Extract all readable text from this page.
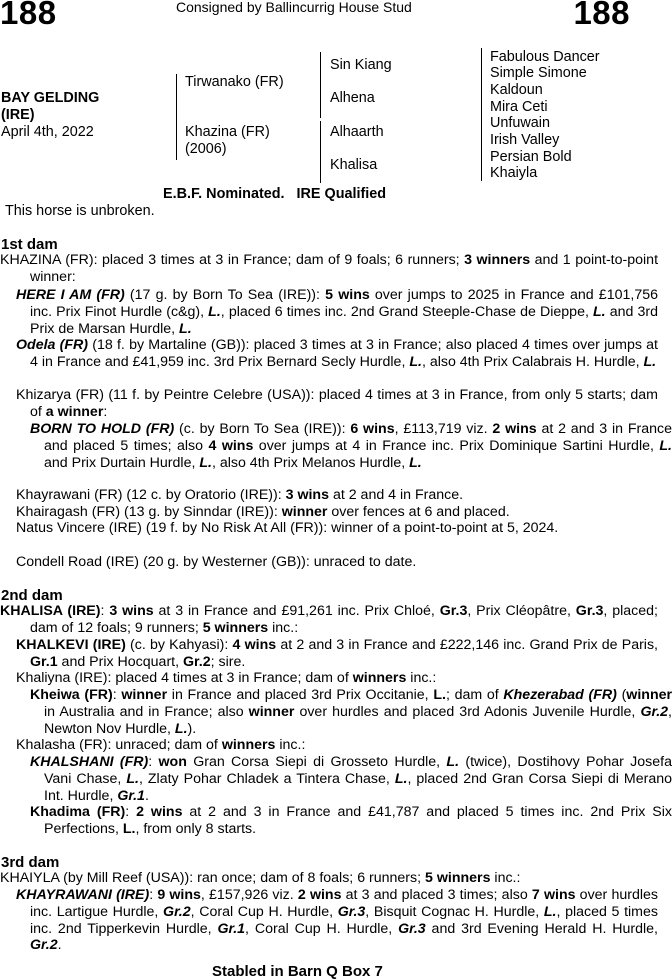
188	188
Consigned by Ballincurrig House Stud
BAY GELDING
(IRE)
April 4th, 2022
Tirwanako (FR)
Khazina (FR)
(2006)
Sin Kiang
Alhena
Alhaarth
Khalisa
Fabulous Dancer
Simple Simone
Kaldoun
Mira Ceti
Unfuwain
Irish Valley
Persian Bold
Khaiyla
E.B.F. Nominated.   IRE Qualified
This horse is unbroken.
1st dam
KHAZINA (FR): placed 3 times at 3 in France; dam of 9 foals; 6 runners; 3 winners and 1 point-to-point winner:
HERE I AM (FR) (17 g. by Born To Sea (IRE)): 5 wins over jumps to 2025 in France and £101,756 inc. Prix Finot Hurdle (c&g), L., placed 6 times inc. 2nd Grand Steeple-Chase de Dieppe, L. and 3rd Prix de Marsan Hurdle, L.
Odela (FR) (18 f. by Martaline (GB)): placed 3 times at 3 in France; also placed 4 times over jumps at 4 in France and £41,959 inc. 3rd Prix Bernard Secly Hurdle, L., also 4th Prix Calabrais H. Hurdle, L.
Khizarya (FR) (11 f. by Peintre Celebre (USA)): placed 4 times at 3 in France, from only 5 starts; dam of a winner:
BORN TO HOLD (FR) (c. by Born To Sea (IRE)): 6 wins, £113,719 viz. 2 wins at 2 and 3 in France and placed 5 times; also 4 wins over jumps at 4 in France inc. Prix Dominique Sartini Hurdle, L. and Prix Durtain Hurdle, L., also 4th Prix Melanos Hurdle, L.
Khayrawani (FR) (12 c. by Oratorio (IRE)): 3 wins at 2 and 4 in France.
Khairagash (FR) (13 g. by Sinndar (IRE)): winner over fences at 6 and placed.
Natus Vincere (IRE) (19 f. by No Risk At All (FR)): winner of a point-to-point at 5, 2024.
Condell Road (IRE) (20 g. by Westerner (GB)): unraced to date.
2nd dam
KHALISA (IRE): 3 wins at 3 in France and £91,261 inc. Prix Chloé, Gr.3, Prix Cléopâtre, Gr.3, placed; dam of 12 foals; 9 runners; 5 winners inc.:
KHALKEVI (IRE) (c. by Kahyasi): 4 wins at 2 and 3 in France and £222,146 inc. Grand Prix de Paris, Gr.1 and Prix Hocquart, Gr.2; sire.
Khaliyna (IRE): placed 4 times at 3 in France; dam of winners inc.:
Kheiwa (FR): winner in France and placed 3rd Prix Occitanie, L.; dam of Khezerabad (FR) (winner in Australia and in France; also winner over hurdles and placed 3rd Adonis Juvenile Hurdle, Gr.2, Newton Nov Hurdle, L.).
Khalasha (FR): unraced; dam of winners inc.:
KHALSHANI (FR): won Gran Corsa Siepi di Grosseto Hurdle, L. (twice), Dostihovy Pohar Josefa Vani Chase, L., Zlaty Pohar Chladek a Tintera Chase, L., placed 2nd Gran Corsa Siepi di Merano Int. Hurdle, Gr.1.
Khadima (FR): 2 wins at 2 and 3 in France and £41,787 and placed 5 times inc. 2nd Prix Six Perfections, L., from only 8 starts.
3rd dam
KHAIYLA (by Mill Reef (USA)): ran once; dam of 8 foals; 6 runners; 5 winners inc.:
KHAYRAWANI (IRE): 9 wins, £157,926 viz. 2 wins at 3 and placed 3 times; also 7 wins over hurdles inc. Lartigue Hurdle, Gr.2, Coral Cup H. Hurdle, Gr.3, Bisquit Cognac H. Hurdle, L., placed 5 times inc. 2nd Tipperkevin Hurdle, Gr.1, Coral Cup H. Hurdle, Gr.3 and 3rd Evening Herald H. Hurdle, Gr.2.
Stabled in Barn Q Box 7
